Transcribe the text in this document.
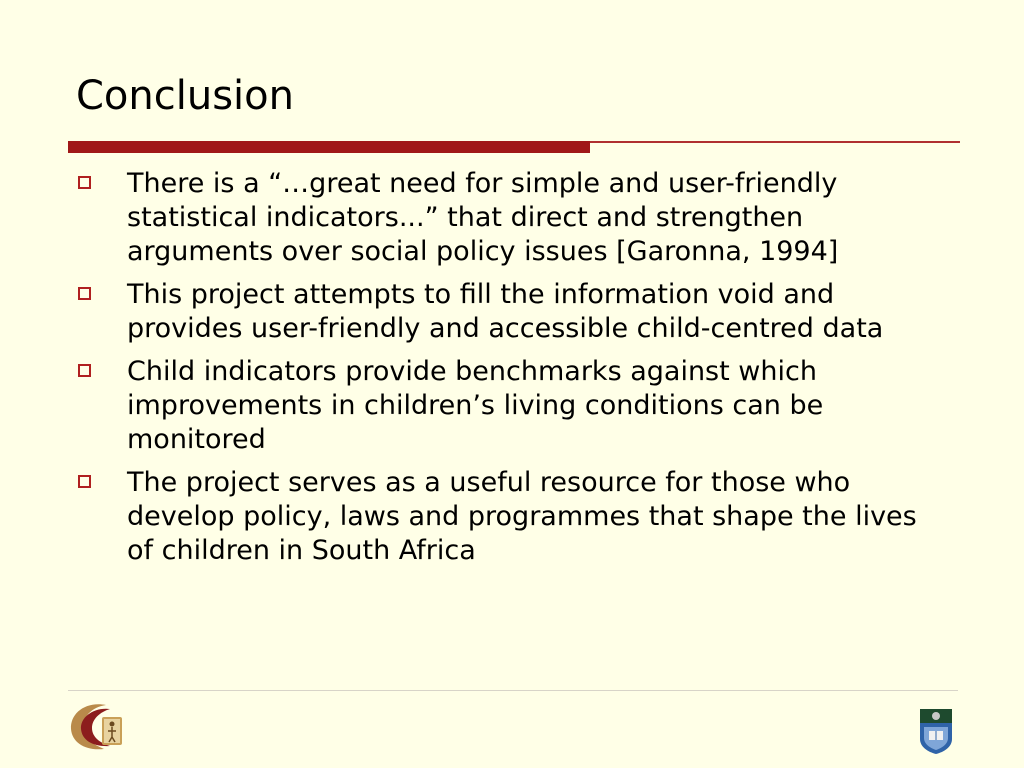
Conclusion
There is a “…great need for simple and user-friendly statistical indicators...” that direct and strengthen arguments over social policy issues [Garonna, 1994]
This project attempts to fill the information void and provides user-friendly and accessible child-centred data
Child indicators provide benchmarks against which improvements in children’s living conditions can be monitored
The project serves as a useful resource for those who develop policy, laws and programmes that shape the lives of children in South Africa
